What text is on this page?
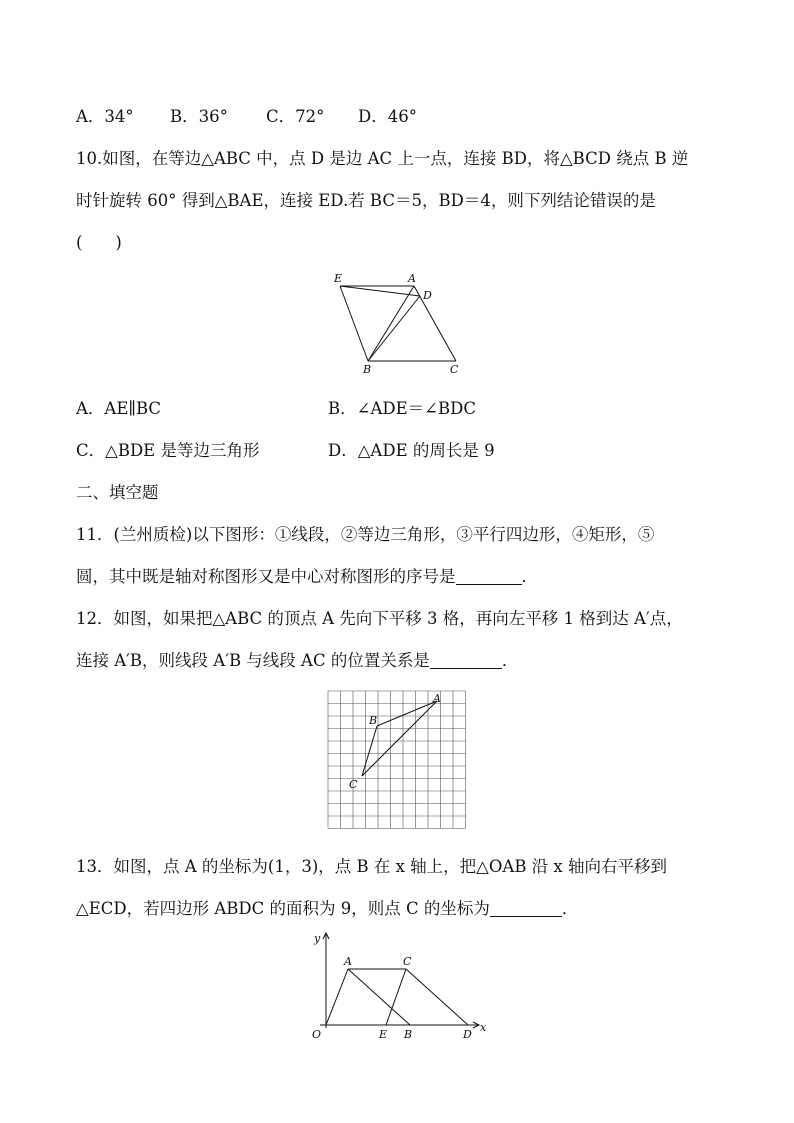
A．34° B．36° C．72° D．46°
10.如图，在等边△ABC 中，点 D 是边 AC 上一点，连接 BD，将△BCD 绕点 B 逆
时针旋转 60° 得到△BAE，连接 ED.若 BC＝5，BD＝4，则下列结论错误的是
(　　)
E	A
D
B	C
A．AE∥BC	B．∠ADE＝∠BDC
C．△BDE 是等边三角形	D．△ADE 的周长是 9
二、填空题
11．(兰州质检)以下图形：①线段，②等边三角形，③平行四边形，④矩形，⑤
圆，其中既是轴对称图形又是中心对称图形的序号是	．
12．如图，如果把△ABC 的顶点 A 先向下平移 3 格，再向左平移 1 格到达 A′点，
连接 A′B，则线段 A′B 与线段 AC 的位置关系是	．
A
B
C
13．如图，点 A 的坐标为(1，3)，点 B 在 x 轴上，把△OAB 沿 x 轴向右平移到
△ECD，若四边形 ABDC 的面积为 9，则点 C 的坐标为	．
y
x
O
A	C
E B	D
